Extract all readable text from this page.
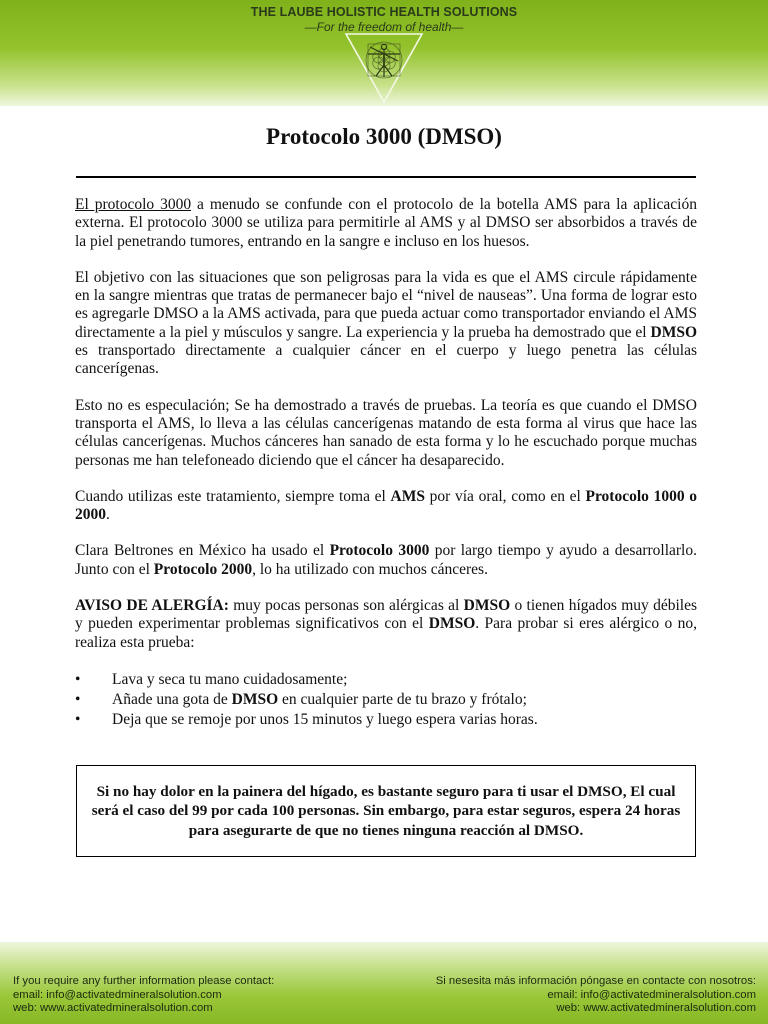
THE LAUBE HOLISTIC HEALTH SOLUTIONS
—For the freedom of health—
Protocolo 3000 (DMSO)

El protocolo 3000 a menudo se confunde con el protocolo de la botella AMS para la aplicación externa. El protocolo 3000 se utiliza para permitirle al AMS y al DMSO ser absorbidos a través de la piel penetrando tumores, entrando en la sangre e incluso en los huesos.

El objetivo con las situaciones que son peligrosas para la vida es que el AMS circule rápidamente en la sangre mientras que tratas de permanecer bajo el “nivel de nauseas”. Una forma de lograr esto es agregarle DMSO a la AMS activada, para que pueda actuar como transportador enviando el AMS directamente a la piel y músculos y sangre. La experiencia y la prueba ha demostrado que el DMSO es transportado directamente a cualquier cáncer en el cuerpo y luego penetra las células cancerígenas.

Esto no es especulación; Se ha demostrado a través de pruebas. La teoría es que cuando el DMSO transporta el AMS, lo lleva a las células cancerígenas matando de esta forma al virus que hace las células cancerígenas. Muchos cánceres han sanado de esta forma y lo he escuchado porque muchas personas me han telefoneado diciendo que el cáncer ha desaparecido.

Cuando utilizas este tratamiento, siempre toma el AMS por vía oral, como en el Protocolo 1000 o 2000.

Clara Beltrones en México ha usado el Protocolo 3000 por largo tiempo y ayudo a desarrollarlo. Junto con el Protocolo 2000, lo ha utilizado con muchos cánceres.

AVISO DE ALERGÍA: muy pocas personas son alérgicas al DMSO o tienen hígados muy débiles y pueden experimentar problemas significativos con el DMSO. Para probar si eres alérgico o no, realiza esta prueba:

• Lava y seca tu mano cuidadosamente;
• Añade una gota de DMSO en cualquier parte de tu brazo y frótalo;
• Deja que se remoje por unos 15 minutos y luego espera varias horas.

Si no hay dolor en la painera del hígado, es bastante seguro para ti usar el DMSO, El cual será el caso del 99 por cada 100 personas. Sin embargo, para estar seguros, espera 24 horas para asegurarte de que no tienes ninguna reacción al DMSO.

If you require any further information please contact:
email: info@activatedmineralsolution.com
web: www.activatedmineralsolution.com
Si nesesita más información póngase en contacte con nosotros:
email: info@activatedmineralsolution.com
web: www.activatedmineralsolution.com
